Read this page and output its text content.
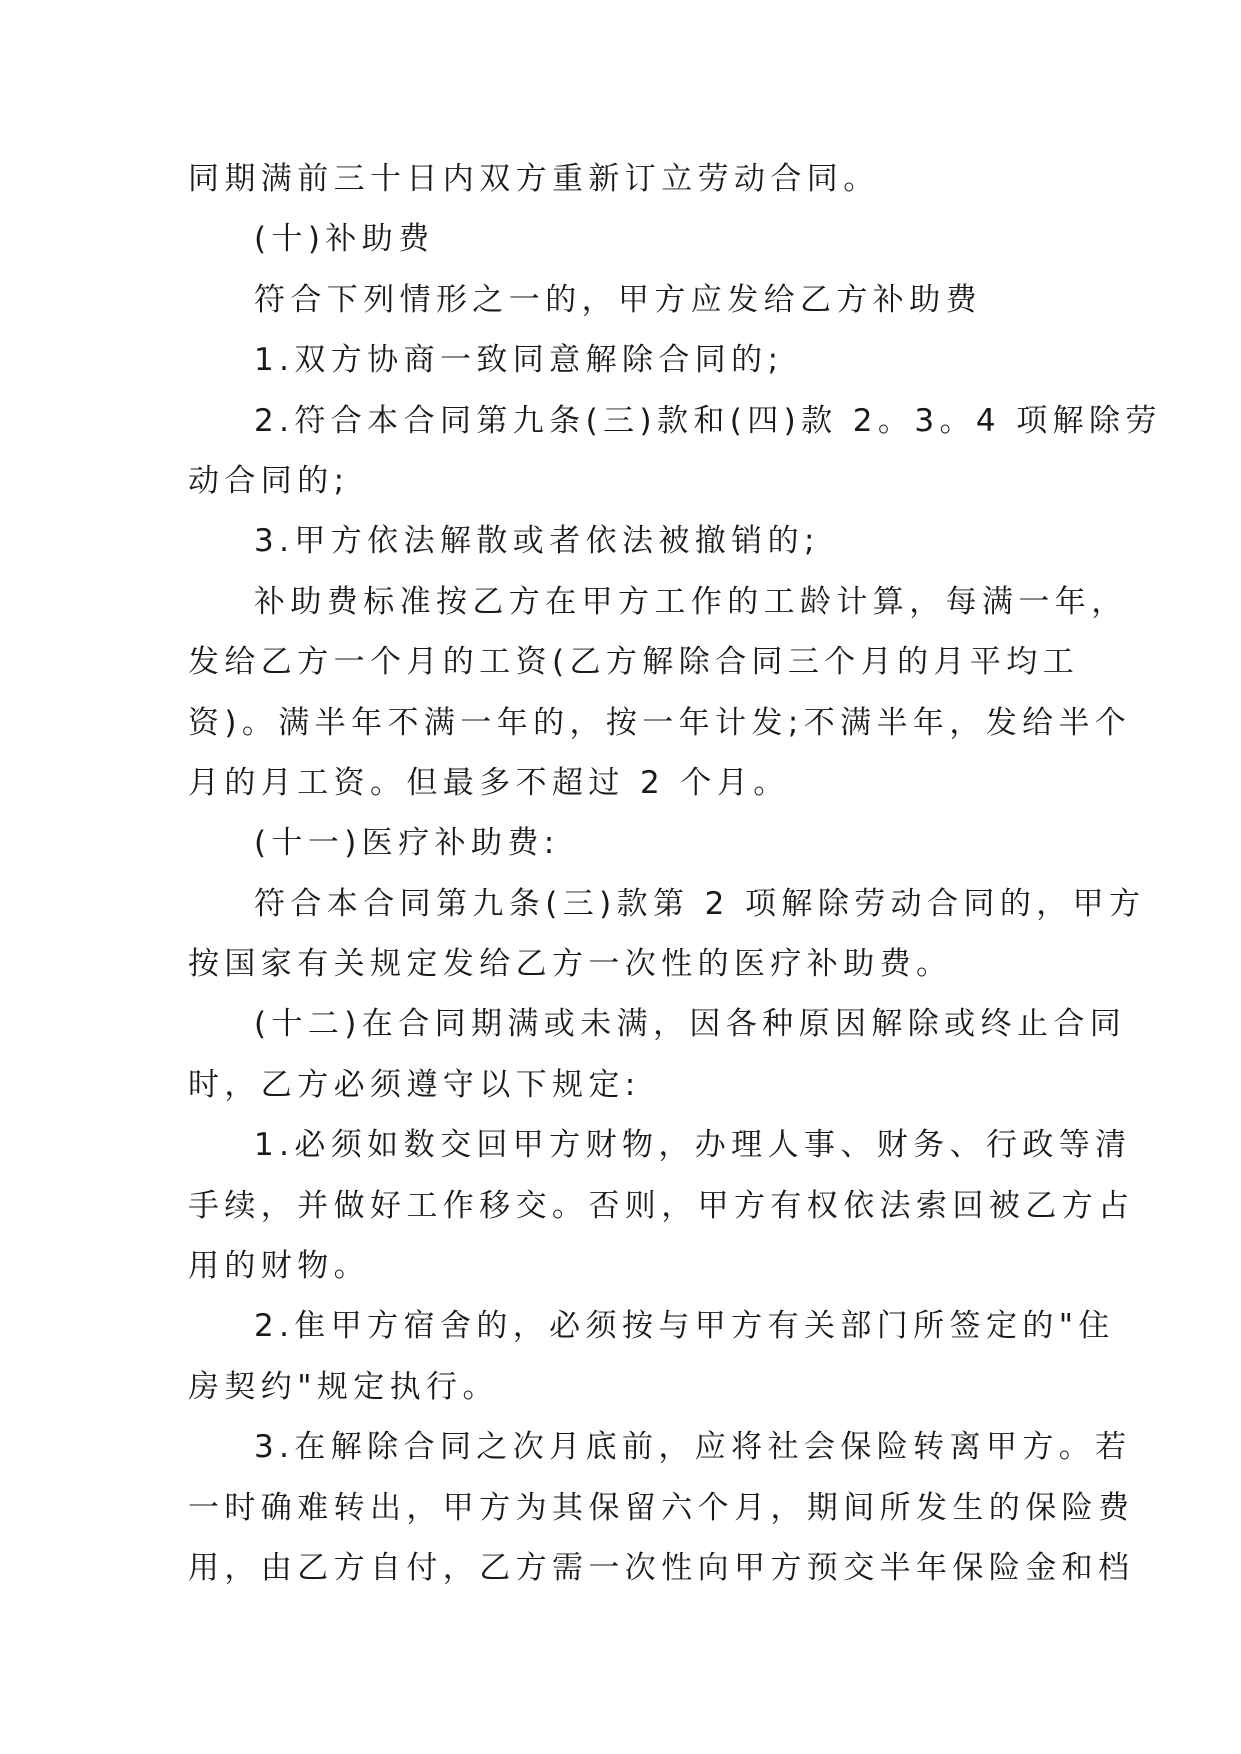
同期满前三十日内双方重新订立劳动合同。
(十)补助费
符合下列情形之一的，甲方应发给乙方补助费
1.双方协商一致同意解除合同的;
2.符合本合同第九条(三)款和(四)款 2。3。4 项解除劳
动合同的;
3.甲方依法解散或者依法被撤销的;
补助费标准按乙方在甲方工作的工龄计算，每满一年，
发给乙方一个月的工资(乙方解除合同三个月的月平均工
资)。满半年不满一年的，按一年计发;不满半年，发给半个
月的月工资。但最多不超过 2 个月。
(十一)医疗补助费:
符合本合同第九条(三)款第 2 项解除劳动合同的，甲方
按国家有关规定发给乙方一次性的医疗补助费。
(十二)在合同期满或未满，因各种原因解除或终止合同
时，乙方必须遵守以下规定:
1.必须如数交回甲方财物，办理人事、财务、行政等清
手续，并做好工作移交。否则，甲方有权依法索回被乙方占
用的财物。
2.隹甲方宿舍的，必须按与甲方有关部门所签定的"住
房契约"规定执行。
3.在解除合同之次月底前，应将社会保险转离甲方。若
一时确难转出，甲方为其保留六个月，期间所发生的保险费
用，由乙方自付，乙方需一次性向甲方预交半年保险金和档
